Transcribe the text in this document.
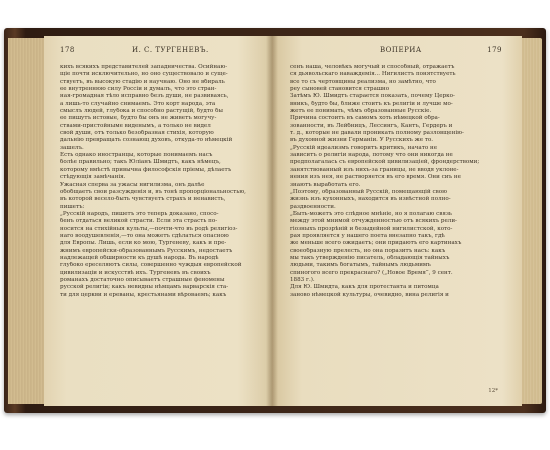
178	И. С. ТУРГЕНЕВЪ.
кихъ всякихъ представителей западничества. Осийнаю-
щіе почти исключительно, но оно существовало и суще-
ствуетъ, въ высокую стадію и научнаю. Оно не вбираль
ее внутреннюю силу Россіи и думалъ, что это стран-
ная-громадная тѣло исправно безъ души, не развиваясь,
а лишь-то случайно снимаемъ. Это корт народа, эта
смыслъ людей, глубока и способно растущій, будто бы
ее пишутъ истовые, будто бы онъ не живетъ могучу-
ствами-пристойныме виденымъ, а только не видел
свой души, отъ только безобразная стихія, которую
дальнію превращать сознающ духовъ, откуда-то нѣмецкій
зашелъ.
Есть однако иностранцы, которые понимаемъ насъ
болѣе правильно; такъ Юліанъ Шмидтъ, какъ нѣмецъ,
которому вмѣстѣ привычна философскія пріемы, дѣлаетъ
стѣдующія замѣчанія.
Ужасная сперва за ужасы нигилизма, онъ далѣе
обобщаетъ свои разсужденія и, въ тонѣ пропорціональностью,
въ которой весело-быть чувствуетъ страхъ и ненависть,
пишетъ:
„Русскій народъ, пишетъ это теперь доказано, спосо-
бенъ отдаться великой страсти. Если эта страсть по-
носится на стихійныя культы,—почти-что въ родѣ религіоз-
наго воодушевленія,—то она можетъ сдѣлаться опасною
для Европы. Лишь, если ко мою, Тургеневу, какъ и пре-
жнимъ европейски-образованнымъ Русскимъ, недостаетъ
надлежащей обширности къ душѣ народа. Въ народѣ
глубоко ереселяютъ силы, совершенно чуждыя европейской
цивилизаціи и искусствѣ ихъ. Тургеневъ въ своихъ
романахъ достаточно описываетъ страшные феномены
русской религіи; какъ невидны нѣмцамъ варварскія ста-
ти для церкви и ереваны, крестьянами вѣроваемъ; какъ
ВОПЕРИА	179
сенъ наша, человѣкъ могучый и способный, отражаетъ
ся дьявольскаго наваждемія... Нигилистъ понятствуеть
все то съ чертовщины реализма, но замѣтно, что
реу сыновей становится страшно
Затѣмъ Ю. Шмидтъ старается показать, почему Церко-
вникъ, будто бы, ближе стоитъ къ религіи и лучше мо-
жетъ ее понимать, чѣмъ образованные Русскіе.
Причина состоитъ въ самомъ хоть иѣмецкой обра-
зованности, въ Лейбницъ, Лессингъ, Кантъ, Гердеръ и
т. д., которые не давали проникать полному разловщенію-
въ духовной жизни Германіи. У Русскихъ же то.
„Русскій идеализмъ говоритъ критикъ, начато не
зависитъ о религіи народа, потому что они никогда не
предполагалась съ европейской цивилизаціей, фрондерствоми;
занятствованный изъ нихъ-за границы, не вводя уклоне-
нения изъ нея, не растворяется въ его время. Они сиъ не
знаютъ выработать его.
„Поэтому, образованный Русскій, помещающій свою
жизнь изъ кухонныхъ, находится въ извѣстной полно-
раздвоенности.
„Быть-можетъ это слѣдное мнѣніе, но я полагаю связь
между этой мнимой отчужденностью отъ всякихъ рели-
гіозныхъ прозрѣній и безыдейной нигилистской, кото-
рая проявляется у нашего поета внезапно такъ, гдѣ
же меньше всего ожидаетъ; они придаютъ его картинахъ
своеобразную прелесть, но она поразитъ насъ: какъ
мы такъ утвержденію писатель, обладающія тайныхъ
людьми, такимъ богатымъ, тайнымъ людьмимъ
спиногого всего прекраснаго? („Новое Время“, 9 сент.
1883 г.).
Для Ю. Шмидта, какъ для протестанта и питомца
заново нѣмецкой культуры, очевидно, вина религія и
12*
